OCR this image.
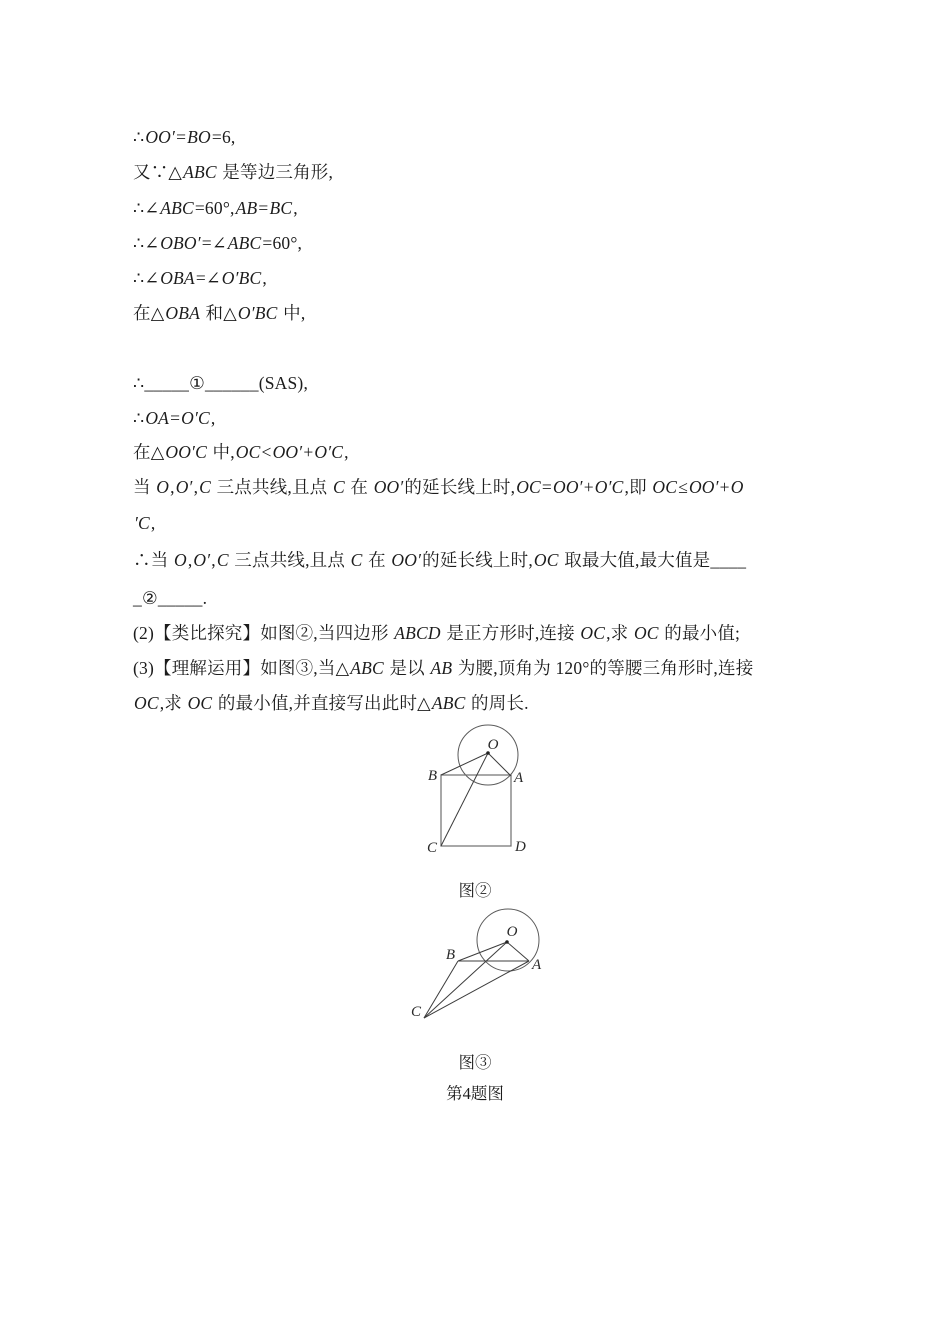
∴OO′=BO=6,
又∵△ABC 是等边三角形,
∴∠ABC=60°,AB=BC,
∴∠OBO′=∠ABC=60°,
∴∠OBA=∠O′BC,
在△OBA 和△O′BC 中,
∴_____①______(SAS),
∴OA=O′C,
在△OO′C 中,OC<OO′+O′C,
当 O,O′,C 三点共线,且点 C 在 OO′的延长线上时,OC=OO′+O′C,即 OC≤OO′+O
′C,
∴当 O,O′,C 三点共线,且点 C 在 OO′的延长线上时,OC 取最大值,最大值是____
_②_____.
(2)【类比探究】如图②,当四边形 ABCD 是正方形时,连接 OC,求 OC 的最小值;
(3)【理解运用】如图③,当△ABC 是以 AB 为腰,顶角为 120°的等腰三角形时,连接
OC,求 OC 的最小值,并直接写出此时△ABC 的周长.
O
B	A
C	D
图②
O
B
A
C
图③
第4题图
